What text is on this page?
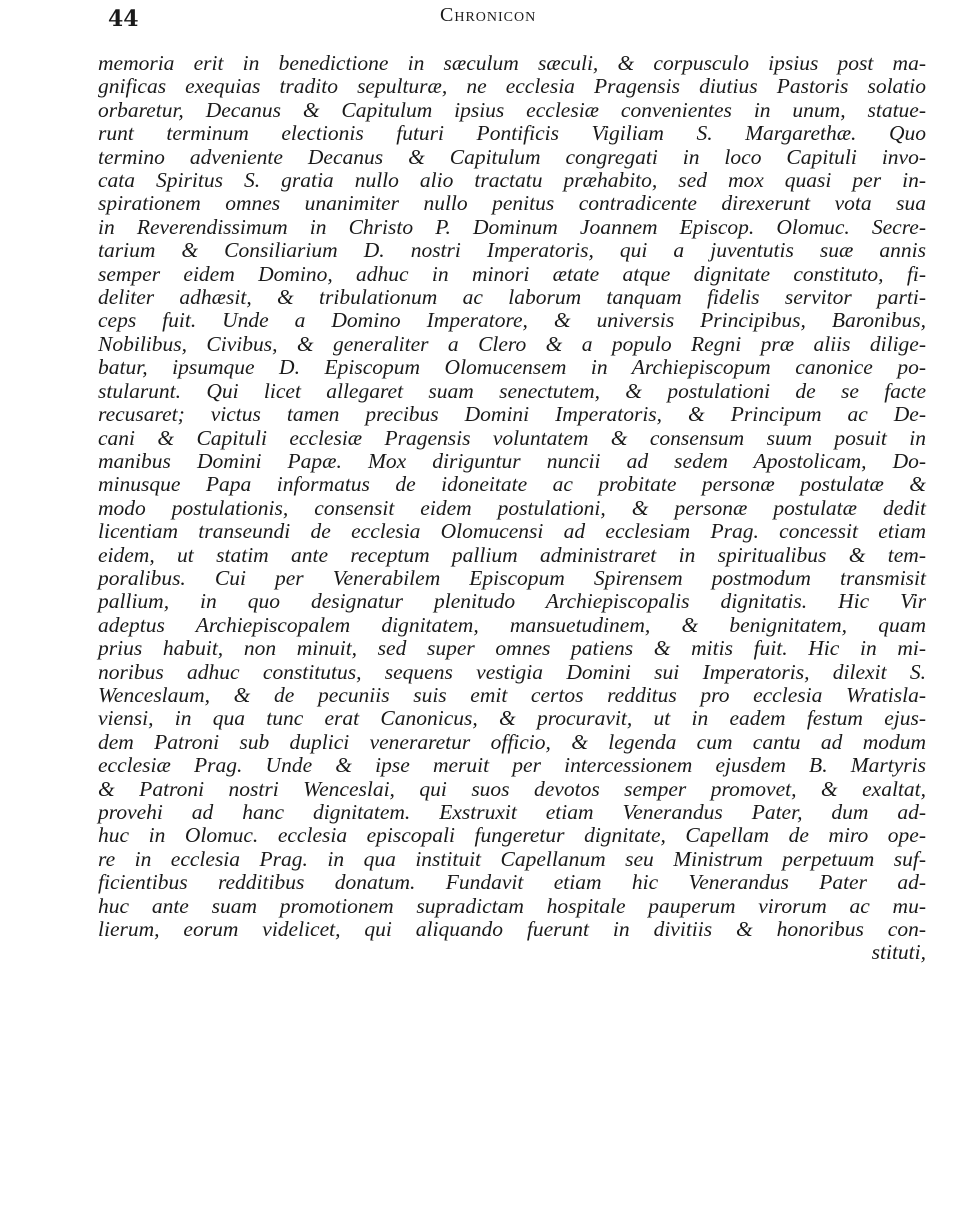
44	Chronicon
memoria erit in benedictione in sæculum sæculi, & corpusculo ipsius post ma-
gnificas exequias tradito sepulturæ, ne ecclesia Pragensis diutius Pastoris solatio
orbaretur, Decanus & Capitulum ipsius ecclesiæ convenientes in unum, statue-
runt terminum electionis futuri Pontificis Vigiliam S. Margarethæ. Quo
termino adveniente Decanus & Capitulum congregati in loco Capituli invo-
cata Spiritus S. gratia nullo alio tractatu præhabito, sed mox quasi per in-
spirationem omnes unanimiter nullo penitus contradicente direxerunt vota sua
in Reverendissimum in Christo P. Dominum Joannem Episcop. Olomuc. Secre-
tarium & Consiliarium D. nostri Imperatoris, qui a juventutis suæ annis
semper eidem Domino, adhuc in minori ætate atque dignitate constituto, fi-
deliter adhæsit, & tribulationum ac laborum tanquam fidelis servitor parti-
ceps fuit. Unde a Domino Imperatore, & universis Principibus, Baronibus,
Nobilibus, Civibus, & generaliter a Clero & a populo Regni præ aliis dilige-
batur, ipsumque D. Episcopum Olomucensem in Archiepiscopum canonice po-
stularunt. Qui licet allegaret suam senectutem, & postulationi de se facte
recusaret; victus tamen precibus Domini Imperatoris, & Principum ac De-
cani & Capituli ecclesiæ Pragensis voluntatem & consensum suum posuit in
manibus Domini Papæ. Mox diriguntur nuncii ad sedem Apostolicam, Do-
minusque Papa informatus de idoneitate ac probitate personæ postulatæ &
modo postulationis, consensit eidem postulationi, & personæ postulatæ dedit
licentiam transeundi de ecclesia Olomucensi ad ecclesiam Prag. concessit etiam
eidem, ut statim ante receptum pallium administraret in spiritualibus & tem-
poralibus. Cui per Venerabilem Episcopum Spirensem postmodum transmisit
pallium, in quo designatur plenitudo Archiepiscopalis dignitatis. Hic Vir
adeptus Archiepiscopalem dignitatem, mansuetudinem, & benignitatem, quam
prius habuit, non minuit, sed super omnes patiens & mitis fuit. Hic in mi-
noribus adhuc constitutus, sequens vestigia Domini sui Imperatoris, dilexit S.
Wenceslaum, & de pecuniis suis emit certos redditus pro ecclesia Wratisla-
viensi, in qua tunc erat Canonicus, & procuravit, ut in eadem festum ejus-
dem Patroni sub duplici veneraretur officio, & legenda cum cantu ad modum
ecclesiæ Prag. Unde & ipse meruit per intercessionem ejusdem B. Martyris
& Patroni nostri Wenceslai, qui suos devotos semper promovet, & exaltat,
provehi ad hanc dignitatem. Exstruxit etiam Venerandus Pater, dum ad-
huc in Olomuc. ecclesia episcopali fungeretur dignitate, Capellam de miro ope-
re in ecclesia Prag. in qua instituit Capellanum seu Ministrum perpetuum suf-
ficientibus redditibus donatum. Fundavit etiam hic Venerandus Pater ad-
huc ante suam promotionem supradictam hospitale pauperum virorum ac mu-
lierum, eorum videlicet, qui aliquando fuerunt in divitiis & honoribus con-
stituti,
